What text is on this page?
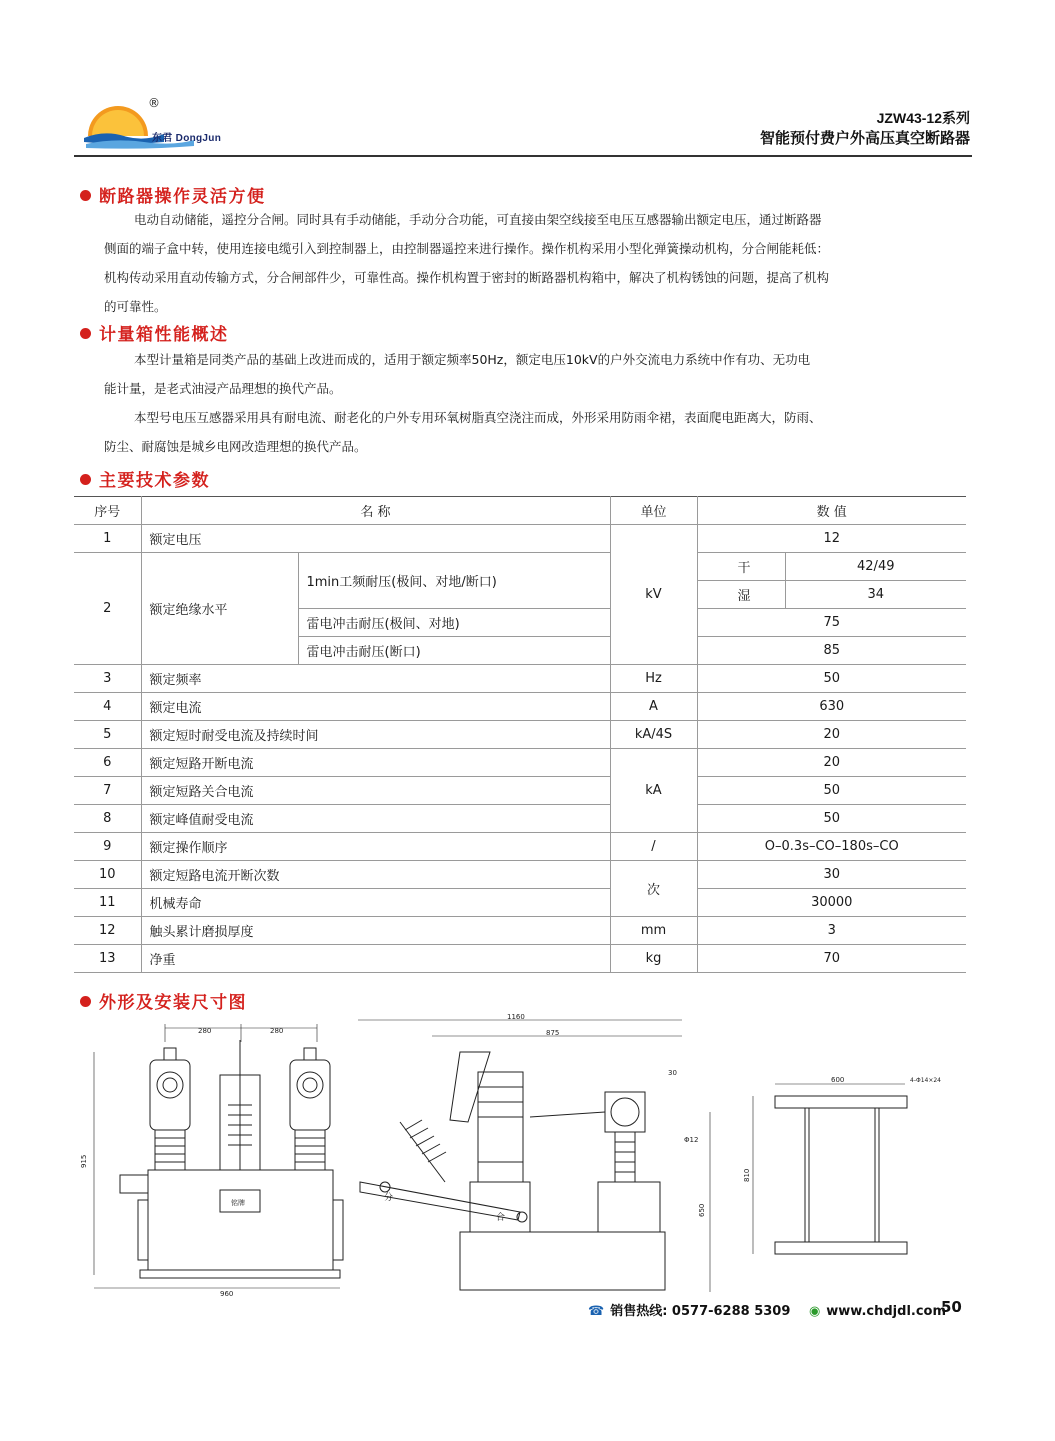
®
东君 DongJun
JZW43-12系列
智能预付费户外高压真空断路器
断路器操作灵活方便
电动自动储能，遥控分合闸。同时具有手动储能，手动分合功能，可直接由架空线接至电压互感器输出额定电压，通过断路器
侧面的端子盒中转，使用连接电缆引入到控制器上，由控制器遥控来进行操作。操作机构采用小型化弹簧操动机构，分合闸能耗低：
机构传动采用直动传输方式，分合闸部件少，可靠性高。操作机构置于密封的断路器机构箱中，解决了机构锈蚀的问题，提高了机构
的可靠性。
计量箱性能概述
本型计量箱是同类产品的基础上改进而成的，适用于额定频率50Hz，额定电压10kV的户外交流电力系统中作有功、无功电
能计量，是老式油浸产品理想的换代产品。
本型号电压互感器采用具有耐电流、耐老化的户外专用环氧树脂真空浇注而成，外形采用防雨伞裙，表面爬电距离大，防雨、
防尘、耐腐蚀是城乡电网改造理想的换代产品。
主要技术参数
序号	名 称		单位	数 值	
1	额定电压		kV	12	
2	额定绝缘水平	1min工频耐压(极间、对地/断口)		干	42/49
				湿	34
		雷电冲击耐压(极间、对地)		75	
		雷电冲击耐压(断口)		85	
3	额定频率		Hz	50	
4	额定电流		A	630	
5	额定短时耐受电流及持续时间		kA/4S	20	
6	额定短路开断电流		kA	20	
7	额定短路关合电流			50	
8	额定峰值耐受电流			50	
9	额定操作顺序		/	O–0.3s–CO–180s–CO	
10	额定短路电流开断次数		次	30	
11	机械寿命			30000	
12	触头累计磨损厚度		mm	3	
13	净重		kg	70	
外形及安装尺寸图
280	280
铭牌
915
960
1160
875
分
合
30
Φ12
650
600	4-Φ14×24
810
☎ 销售热线: 0577-6288 5309 ◉ www.chdjdl.com
50
